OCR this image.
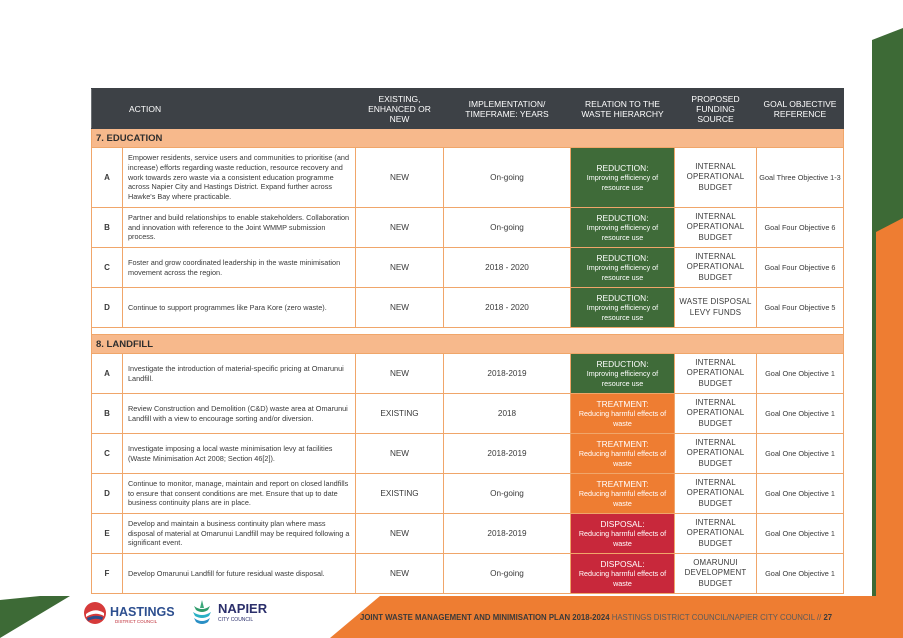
	ACTION	EXISTING, ENHANCED OR NEW	IMPLEMENTATION/ TIMEFRAME: YEARS	RELATION TO THE WASTE HIERARCHY	PROPOSED FUNDING SOURCE	GOAL OBJECTIVE REFERENCE
7. EDUCATION						
A	Empower residents, service users and communities to prioritise (and increase) efforts regarding waste reduction, resource recovery and work towards zero waste via a consistent education programme across Napier City and Hastings District. Expand further across Hawke's Bay where practicable.	NEW	On-going	REDUCTION:
Improving efficiency of resource use	INTERNAL OPERATIONAL BUDGET	Goal Three Objective 1-3
B	Partner and build relationships to enable stakeholders. Collaboration and innovation with reference to the Joint WMMP submission process.	NEW	On-going	REDUCTION:
Improving efficiency of resource use	INTERNAL OPERATIONAL BUDGET	Goal Four Objective 6
C	Foster and grow coordinated leadership in the waste minimisation movement across the region.	NEW	2018 - 2020	REDUCTION:
Improving efficiency of resource use	INTERNAL OPERATIONAL BUDGET	Goal Four Objective 6
D	Continue to support programmes like Para Kore (zero waste).	NEW	2018 - 2020	REDUCTION:
Improving efficiency of resource use	WASTE DISPOSAL LEVY FUNDS	Goal Four Objective 5

8. LANDFILL						
A	Investigate the introduction of material-specific pricing at Omarunui Landfill.	NEW	2018-2019	REDUCTION:
Improving efficiency of resource use	INTERNAL OPERATIONAL BUDGET	Goal One Objective 1
B	Review Construction and Demolition (C&D) waste area at Omarunui Landfill with a view to encourage sorting and/or diversion.	EXISTING	2018	TREATMENT:
Reducing harmful effects of waste	INTERNAL OPERATIONAL BUDGET	Goal One Objective 1
C	Investigate imposing a local waste minimisation levy at facilities (Waste Minimisation Act 2008; Section 46[2]).	NEW	2018-2019	TREATMENT:
Reducing harmful effects of waste	INTERNAL OPERATIONAL BUDGET	Goal One Objective 1
D	Continue to monitor, manage, maintain and report on closed landfills to ensure that consent conditions are met. Ensure that up to date business continuity plans are in place.	EXISTING	On-going	TREATMENT:
Reducing harmful effects of waste	INTERNAL OPERATIONAL BUDGET	Goal One Objective 1
E	Develop and maintain a business continuity plan where mass disposal of material at Omarunui Landfill may be required following a significant event.	NEW	2018-2019	DISPOSAL:
Reducing harmful effects of waste	INTERNAL OPERATIONAL BUDGET	Goal One Objective 1
F	Develop Omarunui Landfill for future residual waste disposal.	NEW	On-going	DISPOSAL:
Reducing harmful effects of waste	OMARUNUI DEVELOPMENT BUDGET	Goal One Objective 1
HASTINGS
DISTRICT COUNCIL
NAPIER
CITY COUNCIL	JOINT WASTE MANAGEMENT AND MINIMISATION PLAN 2018-2024 HASTINGS DISTRICT COUNCIL/NAPIER CITY COUNCIL // 27
